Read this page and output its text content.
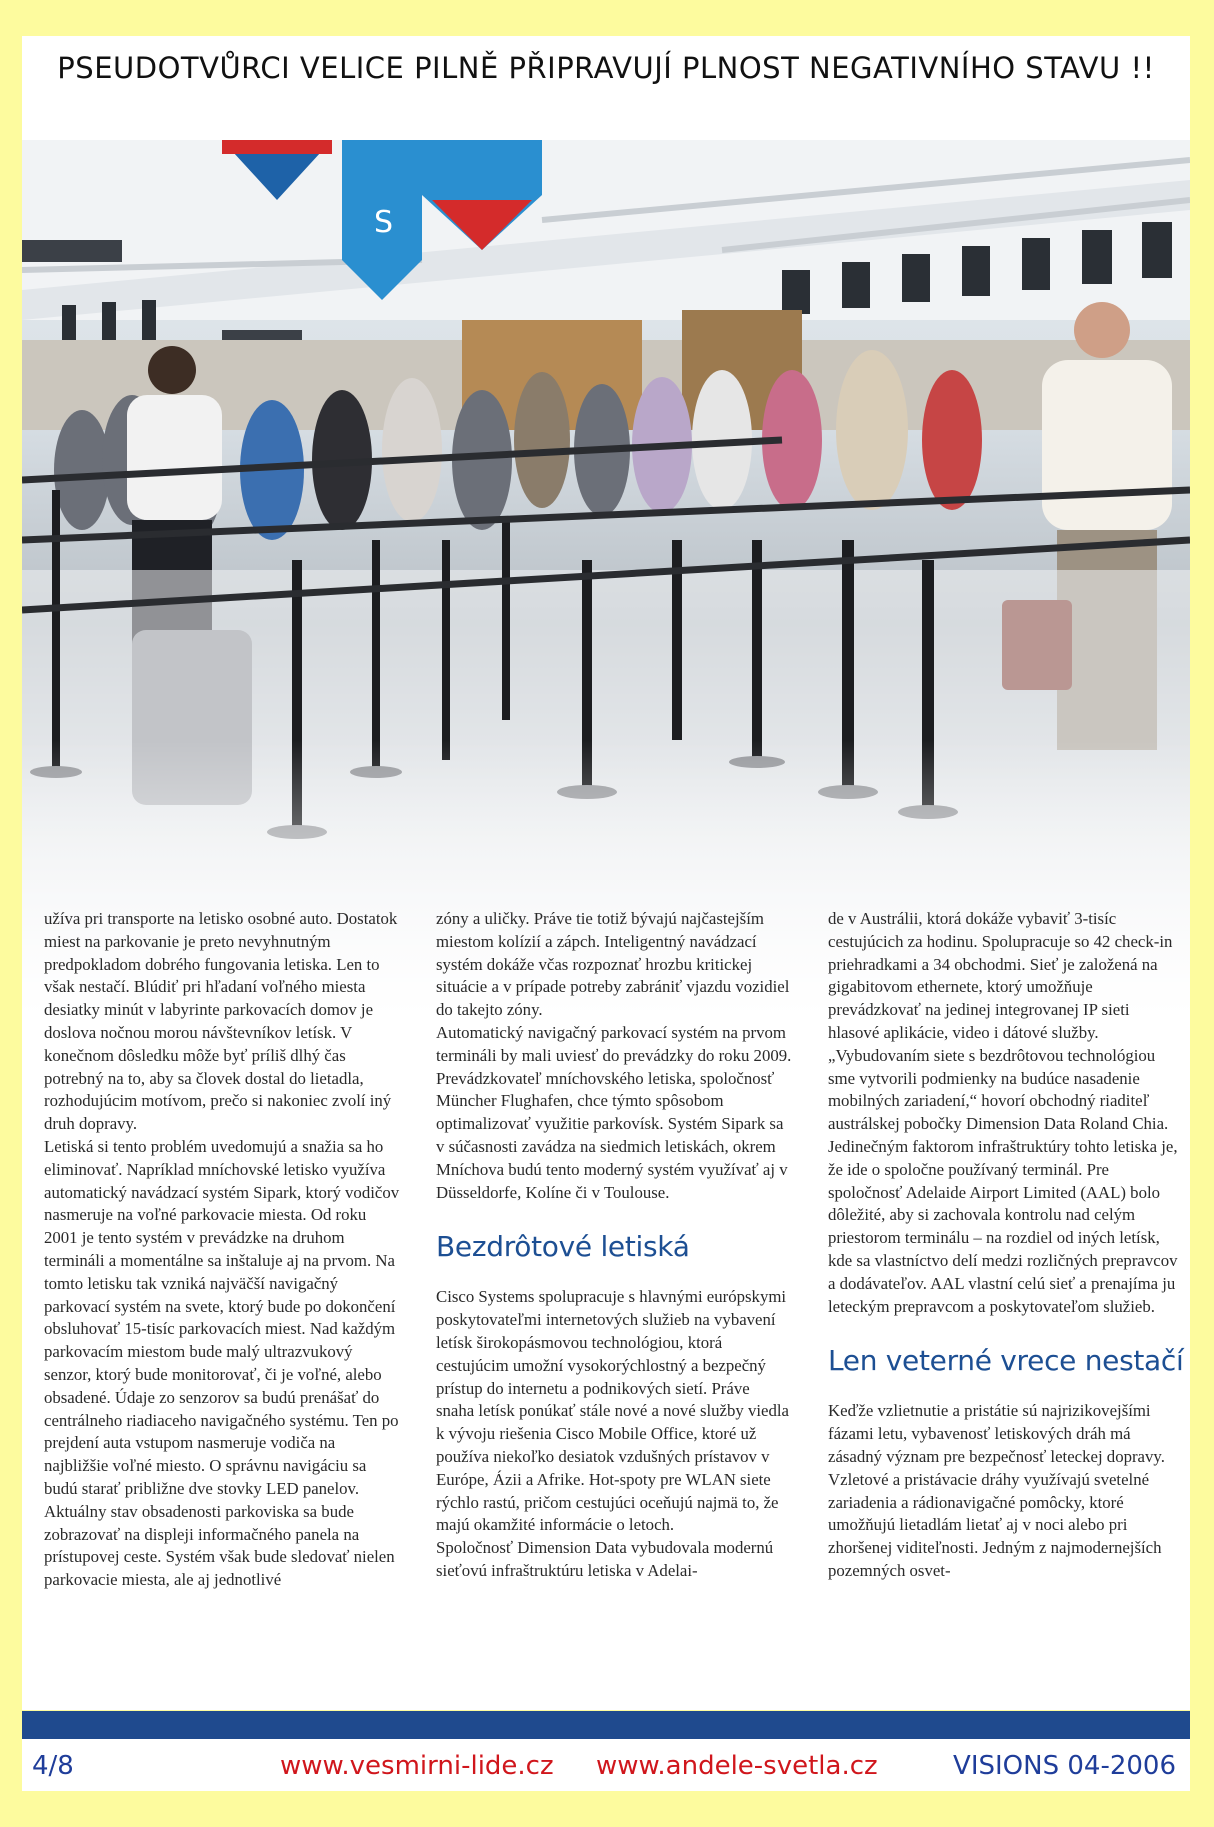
PSEUDOTVŮRCI VELICE PILNĚ PŘIPRAVUJÍ PLNOST NEGATIVNÍHO STAVU !!
S

užíva pri transporte na letisko osobné auto. Dostatok miest na parkovanie je preto nevyhnutným predpokladom dobrého fungovania letiska. Len to však nestačí. Blúdiť pri hľadaní voľného miesta desiatky minút v labyrinte parkovacích domov je doslova nočnou morou návštevníkov letísk. V konečnom dôsledku môže byť príliš dlhý čas potrebný na to, aby sa človek dostal do lietadla, rozhodujúcim motívom, prečo si nakoniec zvolí iný druh dopravy.

Letiská si tento problém uvedomujú a snažia sa ho eliminovať. Napríklad mníchovské letisko využíva automatický navádzací systém Sipark, ktorý vodičov nasmeruje na voľné parkovacie miesta. Od roku 2001 je tento systém v prevádzke na druhom termináli a momentálne sa inštaluje aj na prvom. Na tomto letisku tak vzniká najväčší navigačný parkovací systém na svete, ktorý bude po dokončení obsluhovať 15-tisíc parkovacích miest. Nad každým parkovacím miestom bude malý ultrazvukový senzor, ktorý bude monitorovať, či je voľné, alebo obsadené. Údaje zo senzorov sa budú prenášať do centrálneho riadiaceho navigačného systému. Ten po prejdení auta vstupom nasmeruje vodiča na najbližšie voľné miesto. O správnu navigáciu sa budú starať približne dve stovky LED panelov.

Aktuálny stav obsadenosti parkoviska sa bude zobrazovať na displeji informačného panela na prístupovej ceste. Systém však bude sledovať nielen parkovacie miesta, ale aj jednotlivé

zóny a uličky. Práve tie totiž bývajú najčastejším miestom kolízií a zápch. Inteligentný navádzací systém dokáže včas rozpoznať hrozbu kritickej situácie a v prípade potreby zabrániť vjazdu vozidiel do takejto zóny.

Automatický navigačný parkovací systém na prvom termináli by mali uviesť do prevádzky do roku 2009. Prevádzkovateľ mníchovského letiska, spoločnosť Müncher Flughafen, chce týmto spôsobom optimalizovať využitie parkovísk. Systém Sipark sa v súčasnosti zavádza na siedmich letiskách, okrem Mníchova budú tento moderný systém využívať aj v Düsseldorfe, Kolíne či v Toulouse.

Bezdrôtové letiská

Cisco Systems spolupracuje s hlavnými európskymi poskytovateľmi internetových služieb na vybavení letísk širokopásmovou technológiou, ktorá cestujúcim umožní vysokorýchlostný a bezpečný prístup do internetu a podnikových sietí. Práve snaha letísk ponúkať stále nové a nové služby viedla k vývoju riešenia Cisco Mobile Office, ktoré už používa niekoľko desiatok vzdušných prístavov v Európe, Ázii a Afrike. Hot-spoty pre WLAN siete rýchlo rastú, pričom cestujúci oceňujú najmä to, že majú okamžité informácie o letoch.

Spoločnosť Dimension Data vybudovala modernú sieťovú infraštruktúru letiska v Adelai-

de v Austrálii, ktorá dokáže vybaviť 3-tisíc cestujúcich za hodinu. Spolupracuje so 42 check-in priehradkami a 34 obchodmi. Sieť je založená na gigabitovom ethernete, ktorý umožňuje prevádzkovať na jedinej integrovanej IP sieti hlasové aplikácie, video i dátové služby. „Vybudovaním siete s bezdrôtovou technológiou sme vytvorili podmienky na budúce nasadenie mobilných zariadení,“ hovorí obchodný riaditeľ austrálskej pobočky Dimension Data Roland Chia.

Jedinečným faktorom infraštruktúry tohto letiska je, že ide o spoločne používaný terminál. Pre spoločnosť Adelaide Airport Limited (AAL) bolo dôležité, aby si zachovala kontrolu nad celým priestorom terminálu – na rozdiel od iných letísk, kde sa vlastníctvo delí medzi rozličných prepravcov a dodávateľov. AAL vlastní celú sieť a prenajíma ju leteckým prepravcom a poskytovateľom služieb.

Len veterné vrece nestačí

Keďže vzlietnutie a pristátie sú najrizikovejšími fázami letu, vybavenosť letiskových dráh má zásadný význam pre bezpečnosť leteckej dopravy. Vzletové a pristávacie dráhy využívajú svetelné zariadenia a rádionavigačné pomôcky, ktoré umožňujú lietadlám lietať aj v noci alebo pri zhoršenej viditeľnosti. Jedným z najmodernejších pozemných osvet-

4/8	www.vesmirni-lide.cz www.andele-svetla.cz	VISIONS 04-2006
